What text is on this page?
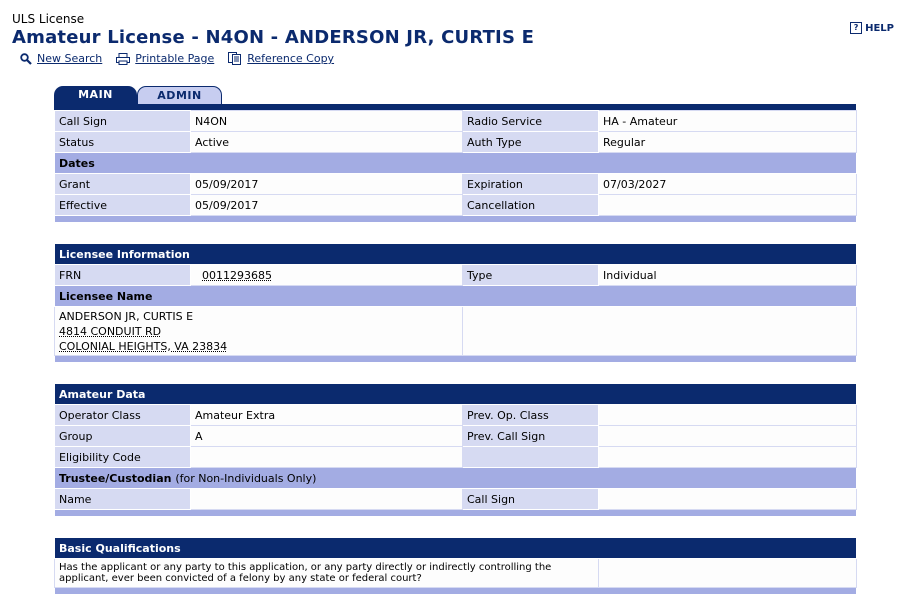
ULS License
Amateur License - N4ON - ANDERSON JR, CURTIS E	? HELP
New Search	Printable Page	Reference Copy
MAIN	ADMIN
Call Sign	N4ON	Radio Service	HA - Amateur
Status	Active	Auth Type	Regular
Dates			
Grant	05/09/2017	Expiration	07/03/2027
Effective	05/09/2017	Cancellation	

Licensee Information			
FRN	0011293685	Type	Individual
Licensee Name			

ANDERSON JR, CURTIS E
4814 CONDUIT RD
COLONIAL HEIGHTS, VA 23834			

Amateur Data			
Operator Class	Amateur Extra	Prev. Op. Class	
Group	A	Prev. Call Sign	
Eligibility Code			
Trustee/Custodian (for Non-Individuals Only)			
Name		Call Sign	

Basic Qualifications			
Has the applicant or any party to this application, or any party directly or indirectly controlling the applicant, ever been convicted of a felony by any state or federal court?			
